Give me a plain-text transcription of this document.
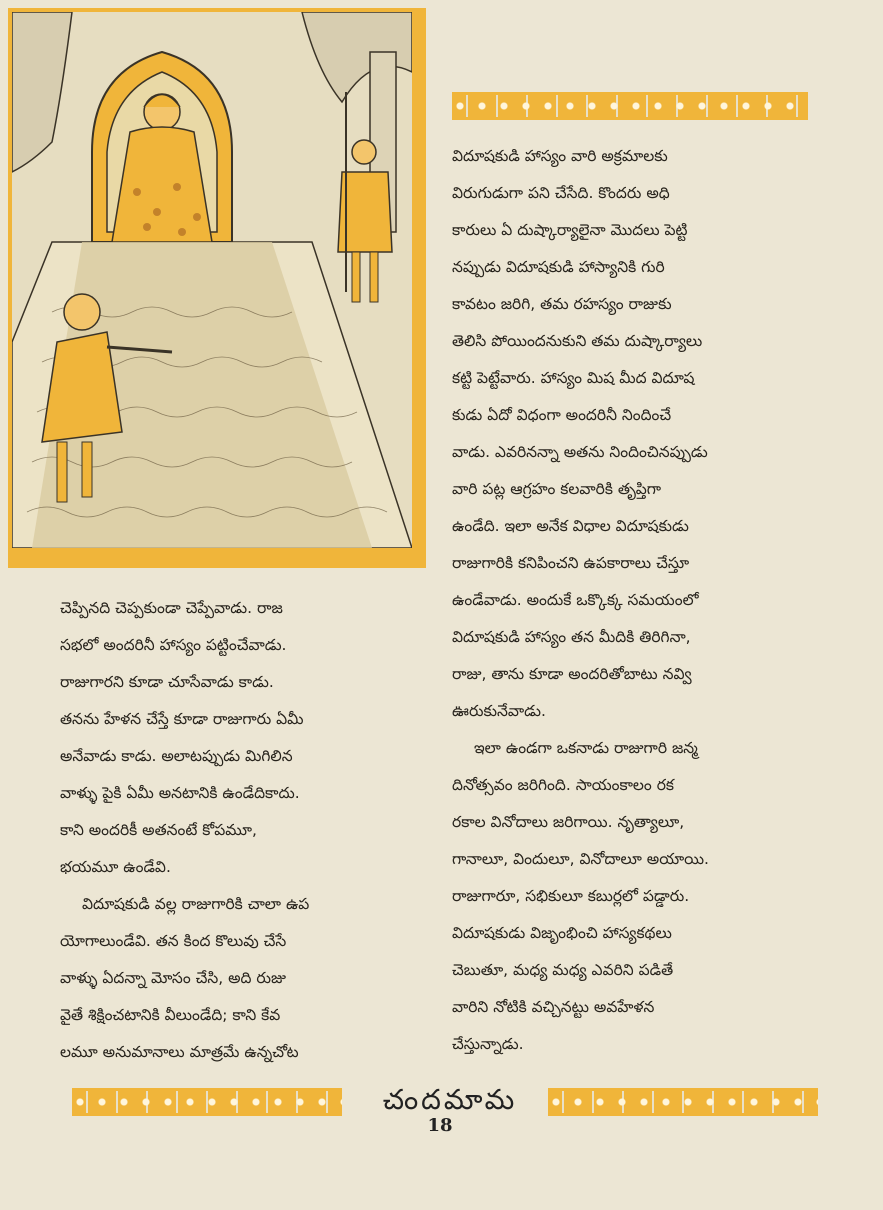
విదూషకుడి హాస్యం వారి అక్రమాలకు

విరుగుడుగా పని చేసేది. కొందరు అధి

కారులు ఏ దుష్కార్యాలైనా మొదలు పెట్టి

నప్పుడు విదూషకుడి హాస్యానికి గురి

కావటం జరిగి, తమ రహస్యం రాజుకు

తెలిసి పోయిందనుకుని తమ దుష్కార్యాలు

కట్టి పెట్టేవారు. హాస్యం మిష మీద విదూష

కుడు ఏదో విధంగా అందరినీ నిందించే

వాడు. ఎవరినన్నా అతను నిందించినప్పుడు

వారి పట్ల ఆగ్రహం కలవారికి తృప్తిగా

ఉండేది. ఇలా అనేక విధాల విదూషకుడు

రాజుగారికి కనిపించని ఉపకారాలు చేస్తూ

ఉండేవాడు. అందుకే ఒక్కొక్క సమయంలో

విదూషకుడి హాస్యం తన మీదికి తిరిగినా,

రాజు, తాను కూడా అందరితోబాటు నవ్వి

ఊరుకునేవాడు.

ఇలా ఉండగా ఒకనాడు రాజుగారి జన్మ

దినోత్సవం జరిగింది. సాయంకాలం రక

రకాల వినోదాలు జరిగాయి. నృత్యాలూ,

గానాలూ, విందులూ, వినోదాలూ అయాయి.

రాజుగారూ, సభికులూ కబుర్లలో పడ్డారు.

విదూషకుడు విజృంభించి హాస్యకథలు

చెబుతూ, మధ్య మధ్య ఎవరిని పడితే

వారిని నోటికి వచ్చినట్టు అవహేళన

చేస్తున్నాడు.

చెప్పినది చెప్పకుండా చెప్పేవాడు. రాజ

సభలో అందరినీ హాస్యం పట్టించేవాడు.

రాజుగారని కూడా చూసేవాడు కాడు.

తనను హేళన చేస్తే కూడా రాజుగారు ఏమీ

అనేవాడు కాడు. అలాటప్పుడు మిగిలిన

వాళ్ళు పైకి ఏమీ అనటానికి ఉండేదికాదు.

కాని అందరికీ అతనంటే కోపమూ,

భయమూ ఉండేవి.

విదూషకుడి వల్ల రాజుగారికి చాలా ఉప

యోగాలుండేవి. తన కింద కొలువు చేసే

వాళ్ళు ఏదన్నా మోసం చేసి, అది రుజు

వైతే శిక్షించటానికి వీలుండేది; కాని కేవ

లమూ అనుమానాలు మాత్రమే ఉన్నచోట

చందమామ
18
